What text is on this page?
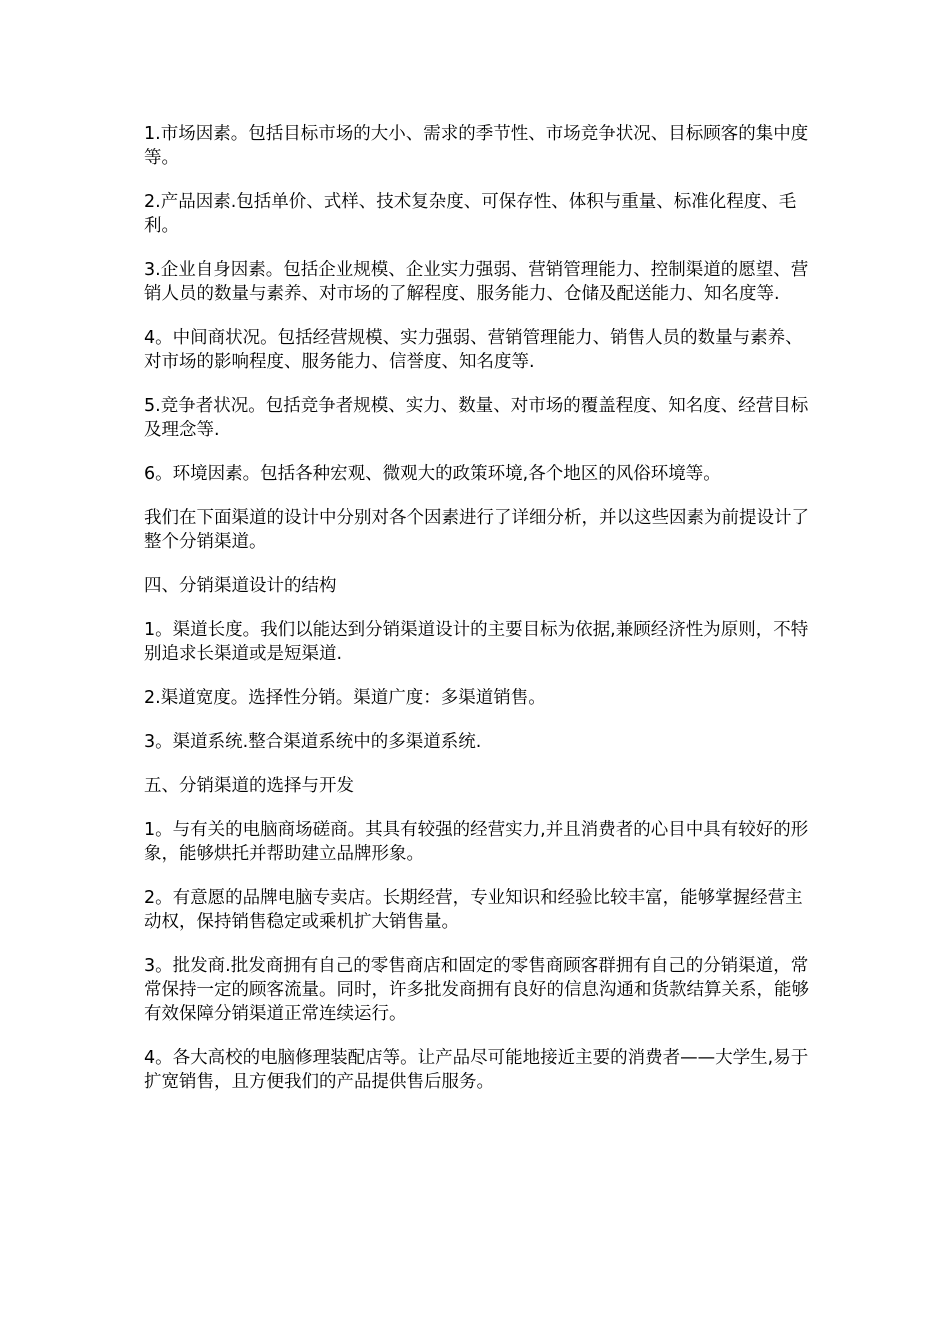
1.市场因素。包括目标市场的大小、需求的季节性、市场竞争状况、目标顾客的集中度等。

2.产品因素.包括单价、式样、技术复杂度、可保存性、体积与重量、标准化程度、毛利。

3.企业自身因素。包括企业规模、企业实力强弱、营销管理能力、控制渠道的愿望、营销人员的数量与素养、对市场的了解程度、服务能力、仓储及配送能力、知名度等.

4。中间商状况。包括经营规模、实力强弱、营销管理能力、销售人员的数量与素养、对市场的影响程度、服务能力、信誉度、知名度等.

5.竞争者状况。包括竞争者规模、实力、数量、对市场的覆盖程度、知名度、经营目标及理念等.

6。环境因素。包括各种宏观、微观大的政策环境,各个地区的风俗环境等。

我们在下面渠道的设计中分别对各个因素进行了详细分析，并以这些因素为前提设计了整个分销渠道。

四、分销渠道设计的结构

1。渠道长度。我们以能达到分销渠道设计的主要目标为依据,兼顾经济性为原则，不特别追求长渠道或是短渠道.

2.渠道宽度。选择性分销。渠道广度：多渠道销售。

3。渠道系统.整合渠道系统中的多渠道系统.

五、分销渠道的选择与开发

1。与有关的电脑商场磋商。其具有较强的经营实力,并且消费者的心目中具有较好的形象，能够烘托并帮助建立品牌形象。

2。有意愿的品牌电脑专卖店。长期经营，专业知识和经验比较丰富，能够掌握经营主动权，保持销售稳定或乘机扩大销售量。

3。批发商.批发商拥有自己的零售商店和固定的零售商顾客群拥有自己的分销渠道，常常保持一定的顾客流量。同时，许多批发商拥有良好的信息沟通和货款结算关系，能够有效保障分销渠道正常连续运行。

4。各大高校的电脑修理装配店等。让产品尽可能地接近主要的消费者——大学生,易于扩宽销售，且方便我们的产品提供售后服务。
